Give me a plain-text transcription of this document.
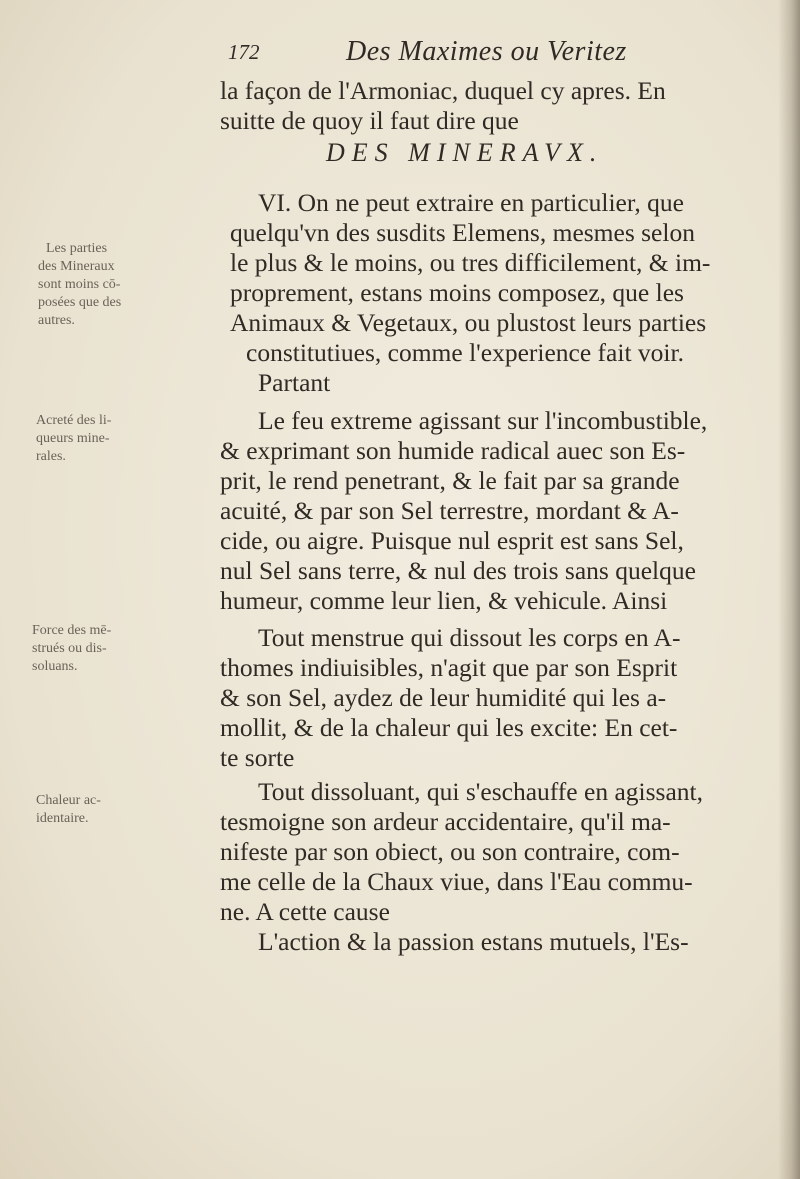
172	Des Maximes ou Veritez
la façon de l'Armoniac, duquel cy apres. En
suitte de quoy il faut dire que
DES MINERAVX.
VI. On ne peut extraire en particulier, que
quelqu'vn des susdits Elemens, mesmes selon
le plus & le moins, ou tres difficilement, & im-
proprement, estans moins composez, que les
Animaux & Vegetaux, ou plustost leurs parties
constitutiues, comme l'experience fait voir.
Partant
Le feu extreme agissant sur l'incombustible,
& exprimant son humide radical auec son Es-
prit, le rend penetrant, & le fait par sa grande
acuité, & par son Sel terrestre, mordant & A-
cide, ou aigre. Puisque nul esprit est sans Sel,
nul Sel sans terre, & nul des trois sans quelque
humeur, comme leur lien, & vehicule. Ainsi
Tout menstrue qui dissout les corps en A-
thomes indiuisibles, n'agit que par son Esprit
& son Sel, aydez de leur humidité qui les a-
mollit, & de la chaleur qui les excite: En cet-
te sorte
Tout dissoluant, qui s'eschauffe en agissant,
tesmoigne son ardeur accidentaire, qu'il ma-
nifeste par son obiect, ou son contraire, com-
me celle de la Chaux viue, dans l'Eau commu-
ne. A cette cause
L'action & la passion estans mutuels, l'Es-
Les parties
des Mineraux
sont moins cō-
posées que des
autres.
Acreté des li-
queurs mine-
rales.
Force des mē-
strués ou dis-
soluans.
Chaleur ac-
identaire.
